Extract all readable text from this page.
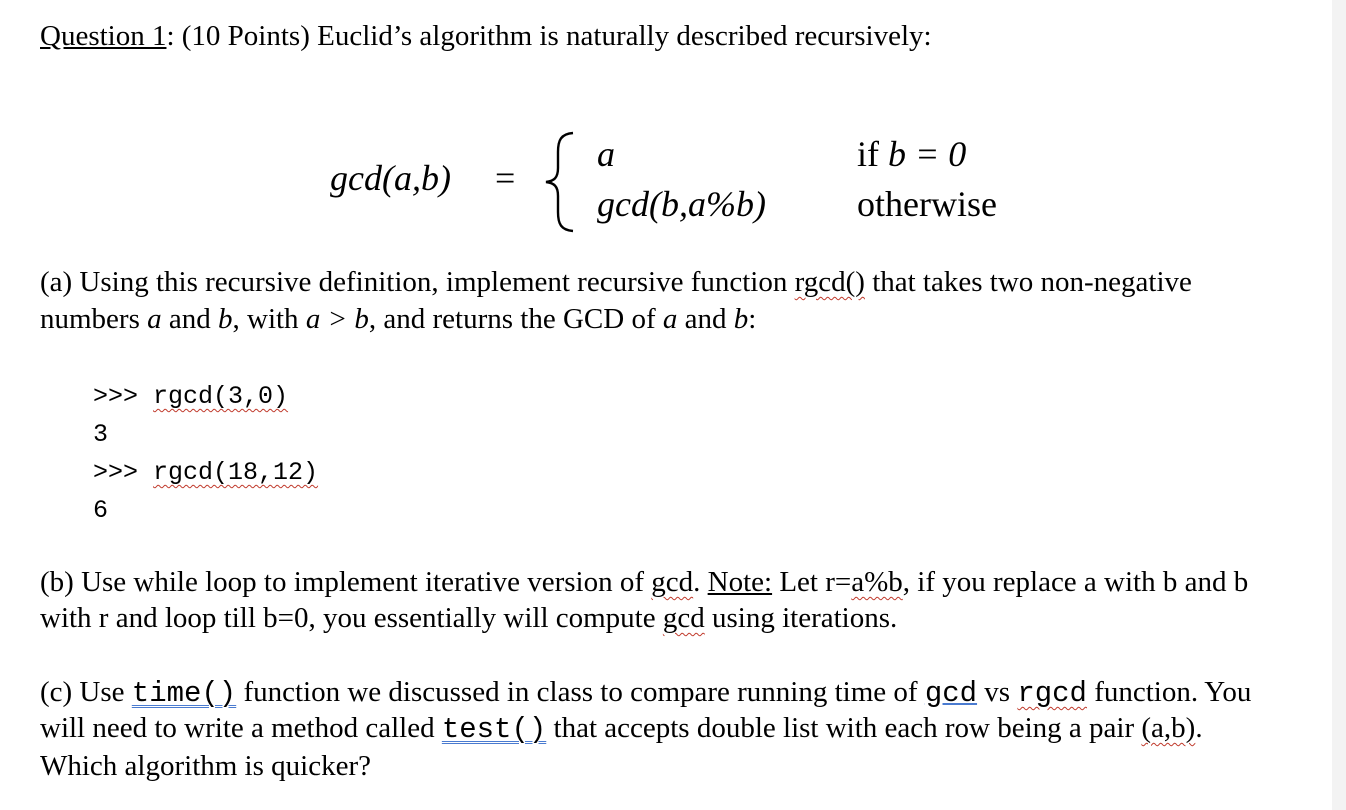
Question 1: (10 Points) Euclid’s algorithm is naturally described recursively:
gcd(a,b) =
a	if b = 0
gcd(b,a%b)	otherwise
(a) Using this recursive definition, implement recursive function rgcd() that takes two non-negative
numbers a and b, with a > b, and returns the GCD of a and b:
>>> rgcd(3,0)
3
>>> rgcd(18,12)
6
(b) Use while loop to implement iterative version of gcd. Note: Let r=a%b, if you replace a with b and b
with r and loop till b=0, you essentially will compute gcd using iterations.
(c) Use time() function we discussed in class to compare running time of gcd vs rgcd function. You
will need to write a method called test() that accepts double list with each row being a pair (a,b).
Which algorithm is quicker?
